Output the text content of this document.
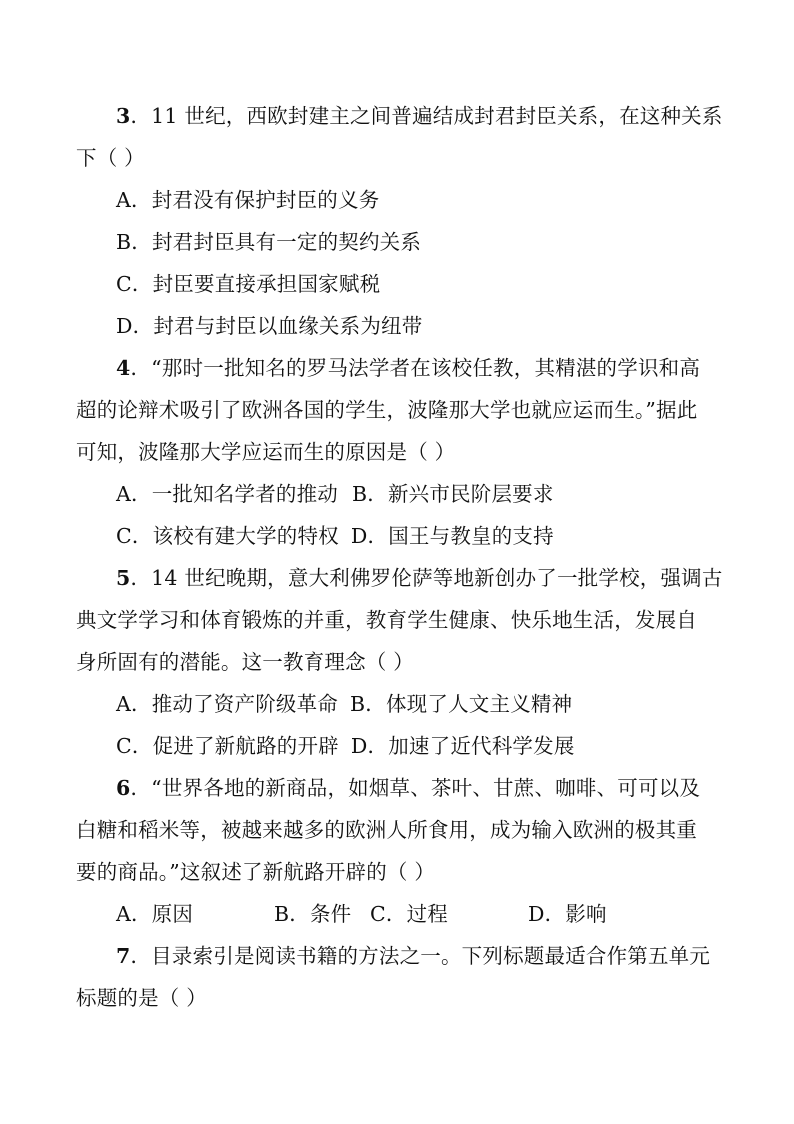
3．11 世纪，西欧封建主之间普遍结成封君封臣关系，在这种关系
下（ ）
A．封君没有保护封臣的义务
B．封君封臣具有一定的契约关系
C．封臣要直接承担国家赋税
D．封君与封臣以血缘关系为纽带
4．“那时一批知名的罗马法学者在该校任教，其精湛的学识和高
超的论辩术吸引了欧洲各国的学生，波隆那大学也就应运而生。”据此
可知，波隆那大学应运而生的原因是（ ）
A．一批知名学者的推动 B．新兴市民阶层要求
C．该校有建大学的特权 D．国王与教皇的支持
5．14 世纪晚期，意大利佛罗伦萨等地新创办了一批学校，强调古
典文学学习和体育锻炼的并重，教育学生健康、快乐地生活，发展自
身所固有的潜能。这一教育理念（ ）
A．推动了资产阶级革命 B．体现了人文主义精神
C．促进了新航路的开辟 D．加速了近代科学发展
6．“世界各地的新商品，如烟草、茶叶、甘蔗、咖啡、可可以及
白糖和稻米等，被越来越多的欧洲人所食用，成为输入欧洲的极其重
要的商品。”这叙述了新航路开辟的（ ）
A．原因	B．条件 C．过程	D．影响
7．目录索引是阅读书籍的方法之一。下列标题最适合作第五单元
标题的是（ ）
